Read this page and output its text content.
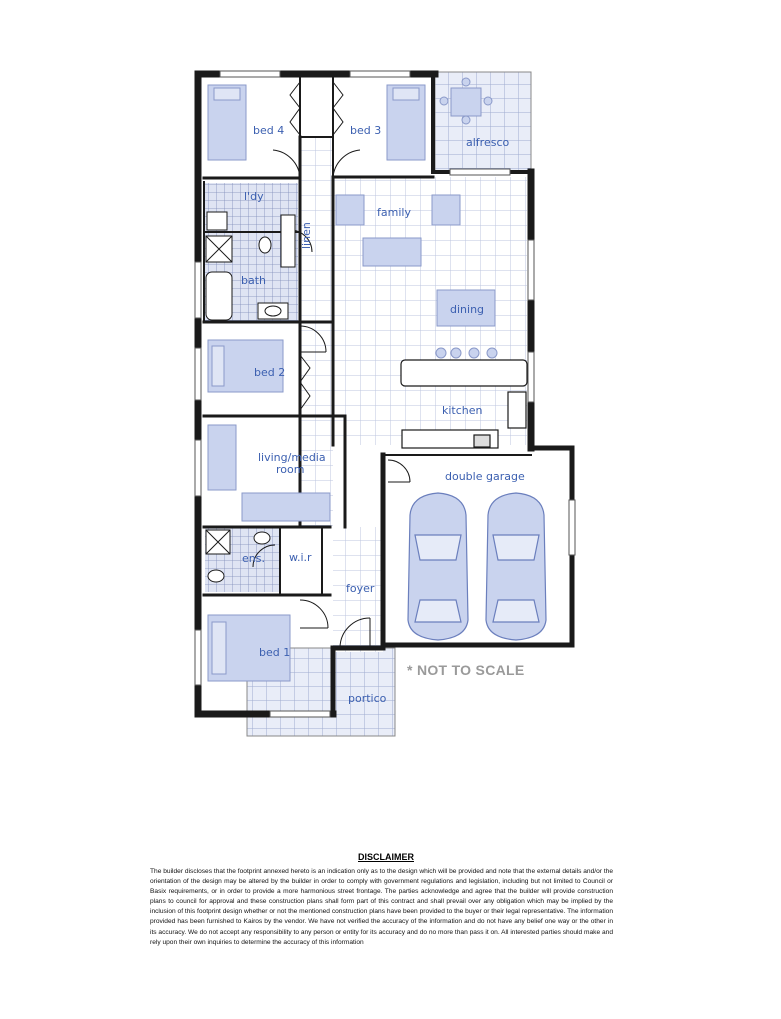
bed 4	bed 3
alfresco
l'dy
linen
bath
family
dining
bed 2
kitchen
living/media
room
double garage
ens. w.i.r
foyer
bed 1
portico
* NOT TO SCALE
DISCLAIMER
The builder discloses that the footprint annexed hereto is an indication only as to the design which will be provided and note that the external details and/or the orientation of the design may be altered by the builder in order to comply with government regulations and legislation, including but not limited to Council or Basix requirements, or in order to provide a more harmonious street frontage. The parties acknowledge and agree that the builder will provide construction plans to council for approval and these construction plans shall form part of this contract and shall prevail over any obligation which may be implied by the inclusion of this footprint design whether or not the mentioned construction plans have been provided to the buyer or their legal representative. The information provided has been furnished to Kairos by the vendor. We have not verified the accuracy of the information and do not have any belief one way or the other in its accuracy. We do not accept any responsibility to any person or entity for its accuracy and do no more than pass it on. All interested parties should make and rely upon their own inquiries to determine the accuracy of this information
